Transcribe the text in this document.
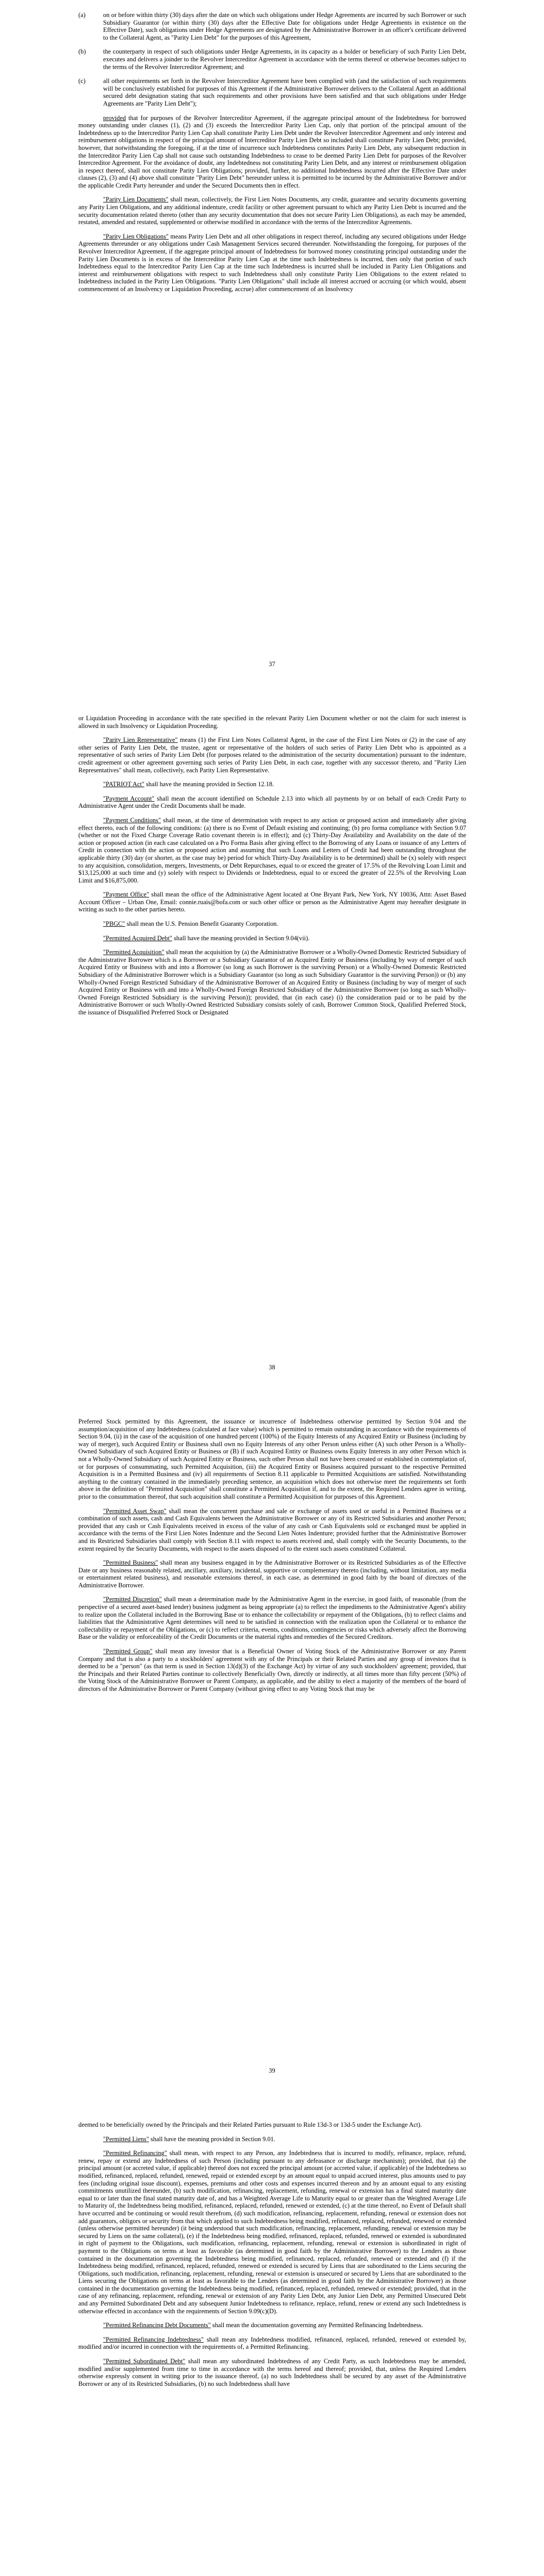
(a)	on or before within thirty (30) days after the date on which such obligations under Hedge Agreements are incurred by such Borrower or such Subsidiary Guarantor (or within thirty (30) days after the Effective Date for obligations under Hedge Agreements in existence on the Effective Date), such obligations under Hedge Agreements are designated by the Administrative Borrower in an officer's certificate delivered to the Collateral Agent, as "Parity Lien Debt" for the purposes of this Agreement,

(b)	the counterparty in respect of such obligations under Hedge Agreements, in its capacity as a holder or beneficiary of such Parity Lien Debt, executes and delivers a joinder to the Revolver Intercreditor Agreement in accordance with the terms thereof or otherwise becomes subject to the terms of the Revolver Intercreditor Agreement; and

(c)	all other requirements set forth in the Revolver Intercreditor Agreement have been complied with (and the satisfaction of such requirements will be conclusively established for purposes of this Agreement if the Administrative Borrower delivers to the Collateral Agent an additional secured debt designation stating that such requirements and other provisions have been satisfied and that such obligations under Hedge Agreements are "Parity Lien Debt");

provided that for purposes of the Revolver Intercreditor Agreement, if the aggregate principal amount of the Indebtedness for borrowed money outstanding under clauses (1), (2) and (3) exceeds the Intercreditor Parity Lien Cap, only that portion of the principal amount of the Indebtedness up to the Intercreditor Parity Lien Cap shall constitute Parity Lien Debt under the Revolver Intercreditor Agreement and only interest and reimbursement obligations in respect of the principal amount of Intercreditor Parity Lien Debt so included shall constitute Parity Lien Debt; provided, however, that notwithstanding the foregoing, if at the time of incurrence such Indebtedness constitutes Parity Lien Debt, any subsequent reduction in the Intercreditor Parity Lien Cap shall not cause such outstanding Indebtedness to cease to be deemed Parity Lien Debt for purposes of the Revolver Intercreditor Agreement. For the avoidance of doubt, any Indebtedness not constituting Parity Lien Debt, and any interest or reimbursement obligation in respect thereof, shall not constitute Parity Lien Obligations; provided, further, no additional Indebtedness incurred after the Effective Date under clauses (2), (3) and (4) above shall constitute "Parity Lien Debt" hereunder unless it is permitted to be incurred by the Administrative Borrower and/or the applicable Credit Party hereunder and under the Secured Documents then in effect.

"Parity Lien Documents" shall mean, collectively, the First Lien Notes Documents, any credit, guarantee and security documents governing any Parity Lien Obligations, and any additional indenture, credit facility or other agreement pursuant to which any Parity Lien Debt is incurred and the security documentation related thereto (other than any security documentation that does not secure Parity Lien Obligations), as each may be amended, restated, amended and restated, supplemented or otherwise modified in accordance with the terms of the Intercreditor Agreements.

"Parity Lien Obligations" means Parity Lien Debt and all other obligations in respect thereof, including any secured obligations under Hedge Agreements thereunder or any obligations under Cash Management Services secured thereunder. Notwithstanding the foregoing, for purposes of the Revolver Intercreditor Agreement, if the aggregate principal amount of Indebtedness for borrowed money constituting principal outstanding under the Parity Lien Documents is in excess of the Intercreditor Parity Lien Cap at the time such Indebtedness is incurred, then only that portion of such Indebtedness equal to the Intercreditor Parity Lien Cap at the time such Indebtedness is incurred shall be included in Parity Lien Obligations and interest and reimbursement obligations with respect to such Indebtedness shall only constitute Parity Lien Obligations to the extent related to Indebtedness included in the Parity Lien Obligations. "Parity Lien Obligations" shall include all interest accrued or accruing (or which would, absent commencement of an Insolvency or Liquidation Proceeding, accrue) after commencement of an Insolvency

37

or Liquidation Proceeding in accordance with the rate specified in the relevant Parity Lien Document whether or not the claim for such interest is allowed in such Insolvency or Liquidation Proceeding.

"Parity Lien Representative" means (1) the First Lien Notes Collateral Agent, in the case of the First Lien Notes or (2) in the case of any other series of Parity Lien Debt, the trustee, agent or representative of the holders of such series of Parity Lien Debt who is appointed as a representative of such series of Parity Lien Debt (for purposes related to the administration of the security documentation) pursuant to the indenture, credit agreement or other agreement governing such series of Parity Lien Debt, in each case, together with any successor thereto, and "Parity Lien Representatives" shall mean, collectively, each Parity Lien Representative.

"PATRIOT Act" shall have the meaning provided in Section 12.18.

"Payment Account" shall mean the account identified on Schedule 2.13 into which all payments by or on behalf of each Credit Party to Administrative Agent under the Credit Documents shall be made.

"Payment Conditions" shall mean, at the time of determination with respect to any action or proposed action and immediately after giving effect thereto, each of the following conditions: (a) there is no Event of Default existing and continuing; (b) pro forma compliance with Section 9.07 (whether or not the Fixed Charge Coverage Ratio covenant therein is in effect); and (c) Thirty-Day Availability and Availability on the date of the action or proposed action (in each case calculated on a Pro Forma Basis after giving effect to the Borrowing of any Loans or issuance of any Letters of Credit in connection with the action or proposed action and assuming that such Loans and Letters of Credit had been outstanding throughout the applicable thirty (30) day (or shorter, as the case may be) period for which Thirty-Day Availability is to be determined) shall be (x) solely with respect to any acquisition, consolidation, mergers, Investments, or Debt Repurchases, equal to or exceed the greater of 17.5% of the Revolving Loan Limit and $13,125,000 at such time and (y) solely with respect to Dividends or Indebtedness, equal to or exceed the greater of 22.5% of the Revolving Loan Limit and $16,875,000.

"Payment Office" shall mean the office of the Administrative Agent located at One Bryant Park, New York, NY 10036, Attn: Asset Based Account Officer – Urban One, Email: connie.ruais@bofa.com or such other office or person as the Administrative Agent may hereafter designate in writing as such to the other parties hereto.

"PBGC" shall mean the U.S. Pension Benefit Guaranty Corporation.

"Permitted Acquired Debt" shall have the meaning provided in Section 9.04(vii).

"Permitted Acquisition" shall mean the acquisition by (a) the Administrative Borrower or a Wholly-Owned Domestic Restricted Subsidiary of the Administrative Borrower which is a Borrower or a Subsidiary Guarantor of an Acquired Entity or Business (including by way of merger of such Acquired Entity or Business with and into a Borrower (so long as such Borrower is the surviving Person) or a Wholly-Owned Domestic Restricted Subsidiary of the Administrative Borrower which is a Subsidiary Guarantor (so long as such Subsidiary Guarantor is the surviving Person)) or (b) any Wholly-Owned Foreign Restricted Subsidiary of the Administrative Borrower of an Acquired Entity or Business (including by way of merger of such Acquired Entity or Business with and into a Wholly-Owned Foreign Restricted Subsidiary of the Administrative Borrower (so long as such Wholly-Owned Foreign Restricted Subsidiary is the surviving Person)); provided, that (in each case) (i) the consideration paid or to be paid by the Administrative Borrower or such Wholly-Owned Restricted Subsidiary consists solely of cash, Borrower Common Stock, Qualified Preferred Stock, the issuance of Disqualified Preferred Stock or Designated

38

Preferred Stock permitted by this Agreement, the issuance or incurrence of Indebtedness otherwise permitted by Section 9.04 and the assumption/acquisition of any Indebtedness (calculated at face value) which is permitted to remain outstanding in accordance with the requirements of Section 9.04, (ii) in the case of the acquisition of one hundred percent (100%) of the Equity Interests of any Acquired Entity or Business (including by way of merger), such Acquired Entity or Business shall own no Equity Interests of any other Person unless either (A) such other Person is a Wholly-Owned Subsidiary of such Acquired Entity or Business or (B) if such Acquired Entity or Business owns Equity Interests in any other Person which is not a Wholly-Owned Subsidiary of such Acquired Entity or Business, such other Person shall not have been created or established in contemplation of, or for purposes of consummating, such Permitted Acquisition, (iii) the Acquired Entity or Business acquired pursuant to the respective Permitted Acquisition is in a Permitted Business and (iv) all requirements of Section 8.11 applicable to Permitted Acquisitions are satisfied. Notwithstanding anything to the contrary contained in the immediately preceding sentence, an acquisition which does not otherwise meet the requirements set forth above in the definition of "Permitted Acquisition" shall constitute a Permitted Acquisition if, and to the extent, the Required Lenders agree in writing, prior to the consummation thereof, that such acquisition shall constitute a Permitted Acquisition for purposes of this Agreement.

"Permitted Asset Swap" shall mean the concurrent purchase and sale or exchange of assets used or useful in a Permitted Business or a combination of such assets, cash and Cash Equivalents between the Administrative Borrower or any of its Restricted Subsidiaries and another Person; provided that any cash or Cash Equivalents received in excess of the value of any cash or Cash Equivalents sold or exchanged must be applied in accordance with the terms of the First Lien Notes Indenture and the Second Lien Notes Indenture; provided further that the Administrative Borrower and its Restricted Subsidiaries shall comply with Section 8.11 with respect to assets received and, shall comply with the Security Documents, to the extent required by the Security Documents, with respect to the assets disposed of to the extent such assets constituted Collateral.

"Permitted Business" shall mean any business engaged in by the Administrative Borrower or its Restricted Subsidiaries as of the Effective Date or any business reasonably related, ancillary, auxiliary, incidental, supportive or complementary thereto (including, without limitation, any media or entertainment related business), and reasonable extensions thereof, in each case, as determined in good faith by the board of directors of the Administrative Borrower.

"Permitted Discretion" shall mean a determination made by the Administrative Agent in the exercise, in good faith, of reasonable (from the perspective of a secured asset-based lender) business judgment as being appropriate (a) to reflect the impediments to the Administrative Agent's ability to realize upon the Collateral included in the Borrowing Base or to enhance the collectability or repayment of the Obligations, (b) to reflect claims and liabilities that the Administrative Agent determines will need to be satisfied in connection with the realization upon the Collateral or to enhance the collectability or repayment of the Obligations, or (c) to reflect criteria, events, conditions, contingencies or risks which adversely affect the Borrowing Base or the validity or enforceability of the Credit Documents or the material rights and remedies of the Secured Creditors.

"Permitted Group" shall mean any investor that is a Beneficial Owner of Voting Stock of the Administrative Borrower or any Parent Company and that is also a party to a stockholders' agreement with any of the Principals or their Related Parties and any group of investors that is deemed to be a "person" (as that term is used in Section 13(d)(3) of the Exchange Act) by virtue of any such stockholders' agreement; provided, that the Principals and their Related Parties continue to collectively Beneficially Own, directly or indirectly, at all times more than fifty percent (50%) of the Voting Stock of the Administrative Borrower or Parent Company, as applicable, and the ability to elect a majority of the members of the board of directors of the Administrative Borrower or Parent Company (without giving effect to any Voting Stock that may be

39

deemed to be beneficially owned by the Principals and their Related Parties pursuant to Rule 13d-3 or 13d-5 under the Exchange Act).

"Permitted Liens" shall have the meaning provided in Section 9.01.

"Permitted Refinancing" shall mean, with respect to any Person, any Indebtedness that is incurred to modify, refinance, replace, refund, renew, repay or extend any Indebtedness of such Person (including pursuant to any defeasance or discharge mechanism); provided, that (a) the principal amount (or accreted value, if applicable) thereof does not exceed the principal amount (or accreted value, if applicable) of the Indebtedness so modified, refinanced, replaced, refunded, renewed, repaid or extended except by an amount equal to unpaid accrued interest, plus amounts used to pay fees (including original issue discount), expenses, premiums and other costs and expenses incurred thereon and by an amount equal to any existing commitments unutilized thereunder, (b) such modification, refinancing, replacement, refunding, renewal or extension has a final stated maturity date equal to or later than the final stated maturity date of, and has a Weighted Average Life to Maturity equal to or greater than the Weighted Average Life to Maturity of, the Indebtedness being modified, refinanced, replaced, refunded, renewed or extended, (c) at the time thereof, no Event of Default shall have occurred and be continuing or would result therefrom, (d) such modification, refinancing, replacement, refunding, renewal or extension does not add guarantors, obligors or security from that which applied to such Indebtedness being modified, refinanced, replaced, refunded, renewed or extended (unless otherwise permitted hereunder) (it being understood that such modification, refinancing, replacement, refunding, renewal or extension may be secured by Liens on the same collateral), (e) if the Indebtedness being modified, refinanced, replaced, refunded, renewed or extended is subordinated in right of payment to the Obligations, such modification, refinancing, replacement, refunding, renewal or extension is subordinated in right of payment to the Obligations on terms at least as favorable (as determined in good faith by the Administrative Borrower) to the Lenders as those contained in the documentation governing the Indebtedness being modified, refinanced, replaced, refunded, renewed or extended and (f) if the Indebtedness being modified, refinanced, replaced, refunded, renewed or extended is secured by Liens that are subordinated to the Liens securing the Obligations, such modification, refinancing, replacement, refunding, renewal or extension is unsecured or secured by Liens that are subordinated to the Liens securing the Obligations on terms at least as favorable to the Lenders (as determined in good faith by the Administrative Borrower) as those contained in the documentation governing the Indebtedness being modified, refinanced, replaced, refunded, renewed or extended; provided, that in the case of any refinancing, replacement, refunding, renewal or extension of any Parity Lien Debt, any Junior Lien Debt, any Permitted Unsecured Debt and any Permitted Subordinated Debt and any subsequent Junior Indebtedness to refinance, replace, refund, renew or extend any such Indebtedness is otherwise effected in accordance with the requirements of Section 9.09(c)(D).

"Permitted Refinancing Debt Documents" shall mean the documentation governing any Permitted Refinancing Indebtedness.

"Permitted Refinancing Indebtedness" shall mean any Indebtedness modified, refinanced, replaced, refunded, renewed or extended by, modified and/or incurred in connection with the requirements of, a Permitted Refinancing.

"Permitted Subordinated Debt" shall mean any subordinated Indebtedness of any Credit Party, as such Indebtedness may be amended, modified and/or supplemented from time to time in accordance with the terms hereof and thereof; provided, that, unless the Required Lenders otherwise expressly consent in writing prior to the issuance thereof, (a) no such Indebtedness shall be secured by any asset of the Administrative Borrower or any of its Restricted Subsidiaries, (b) no such Indebtedness shall have
